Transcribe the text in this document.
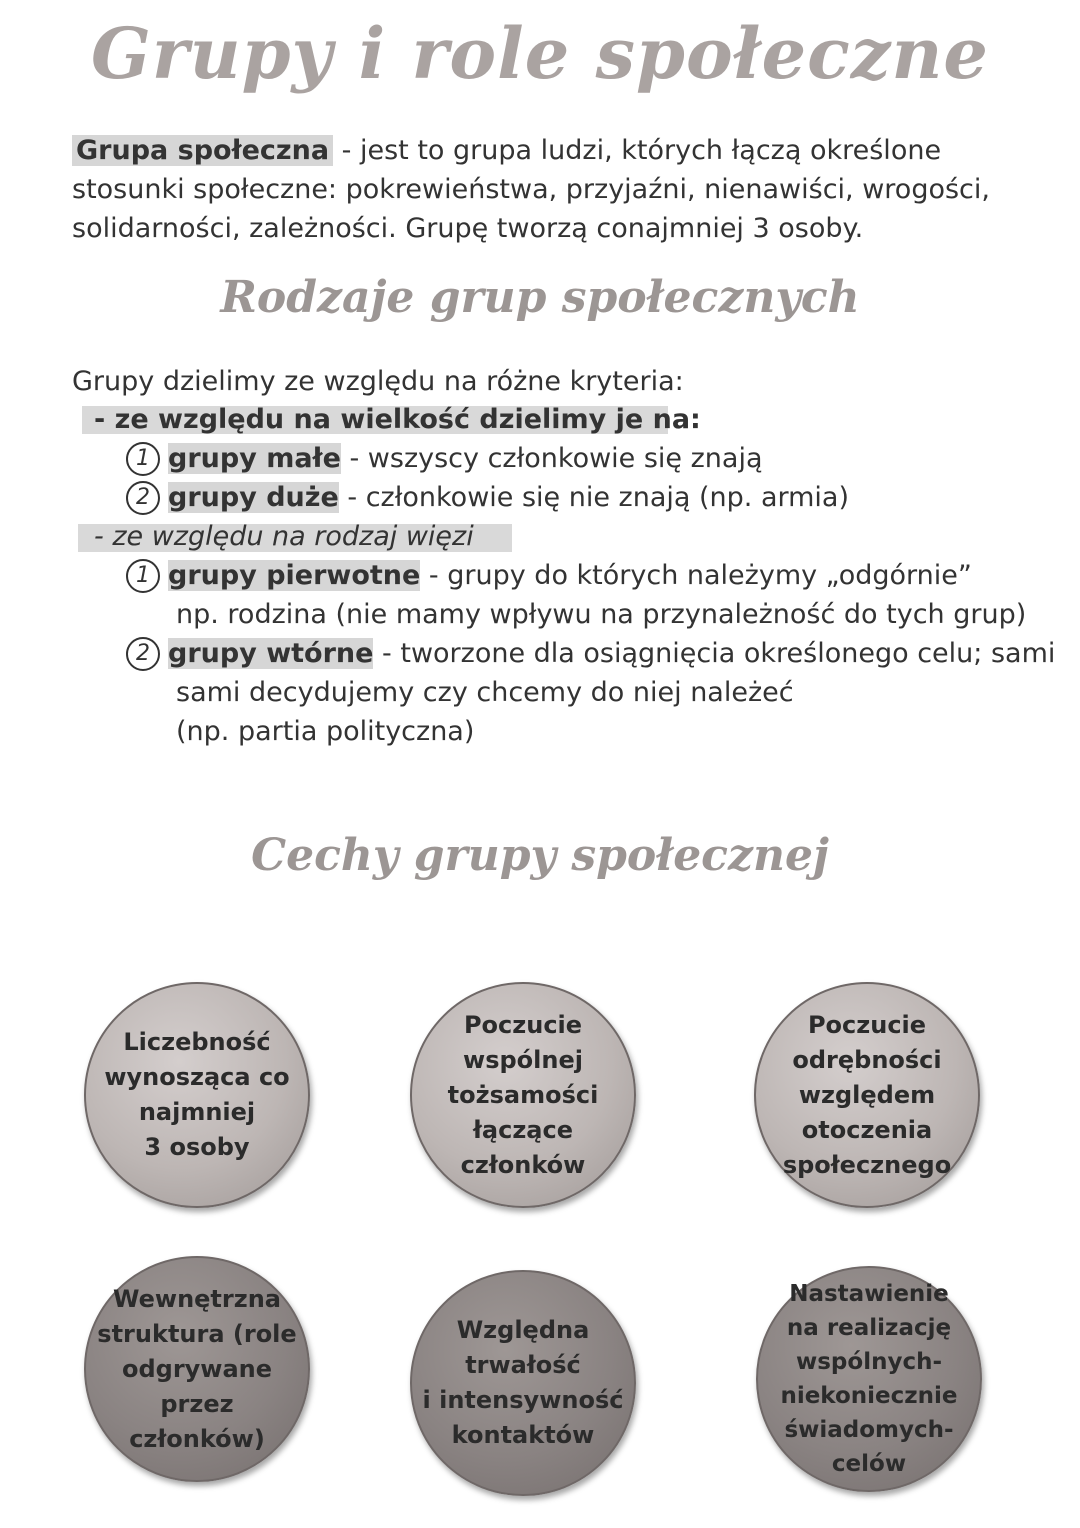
Grupy i role społeczne
Grupa społeczna - jest to grupa ludzi, których łączą określone
stosunki społeczne: pokrewieństwa, przyjaźni, nienawiści, wrogości,
solidarności, zależności. Grupę tworzą conajmniej 3 osoby.
Rodzaje grup społecznych
Grupy dzielimy ze względu na różne kryteria:
- ze względu na wielkość dzielimy je na:
1 grupy małe - wszyscy członkowie się znają
2 grupy duże - członkowie się nie znają (np. armia)
- ze względu na rodzaj więzi
1 grupy pierwotne - grupy do których należymy „odgórnie”
np. rodzina (nie mamy wpływu na przynależność do tych grup)
2 grupy wtórne - tworzone dla osiągnięcia określonego celu; sami
sami decydujemy czy chcemy do niej należeć
(np. partia polityczna)
Cechy grupy społecznej
Liczebność
wynosząca co
najmniej
3 osoby
Poczucie
wspólnej
tożsamości
łączące
członków
Poczucie
odrębności
względem
otoczenia
społecznego
Wewnętrzna
struktura (role
odgrywane przez
członków)
Względna
trwałość
i intensywność
kontaktów
Nastawienie
na realizację
wspólnych-
niekoniecznie
świadomych-
celów
